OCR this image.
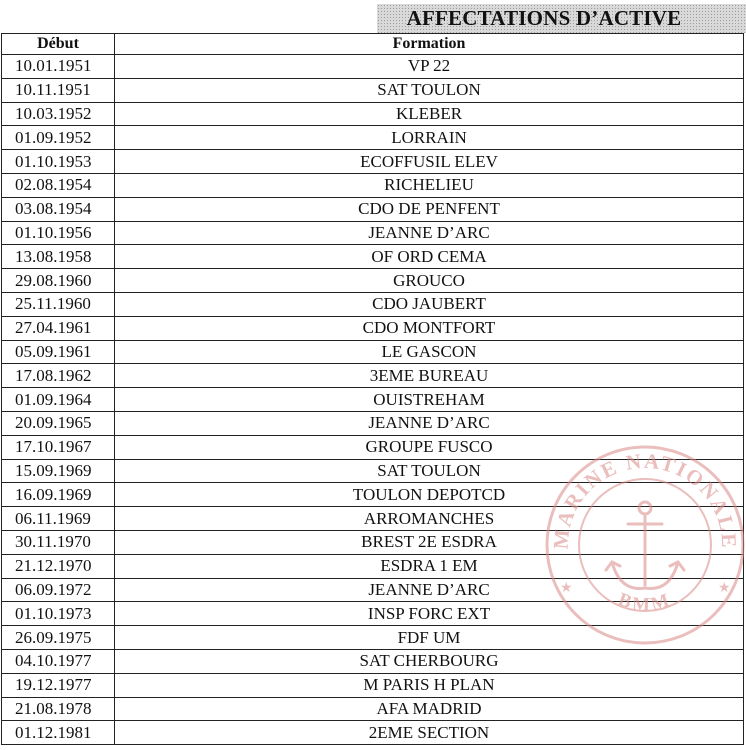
AFFECTATIONS D’ACTIVE
Début	Formation
10.01.1951	VP 22
10.11.1951	SAT TOULON
10.03.1952	KLEBER
01.09.1952	LORRAIN
01.10.1953	ECOFFUSIL ELEV
02.08.1954	RICHELIEU
03.08.1954	CDO DE PENFENT
01.10.1956	JEANNE D’ARC
13.08.1958	OF ORD CEMA
29.08.1960	GROUCO
25.11.1960	CDO JAUBERT
27.04.1961	CDO MONTFORT
05.09.1961	LE GASCON
17.08.1962	3EME BUREAU
01.09.1964	OUISTREHAM
20.09.1965	JEANNE D’ARC
17.10.1967	GROUPE FUSCO
15.09.1969	SAT TOULON
16.09.1969	TOULON DEPOTCD
06.11.1969	ARROMANCHES
30.11.1970	BREST 2E ESDRA
21.12.1970	ESDRA 1 EM
06.09.1972	JEANNE D’ARC
01.10.1973	INSP FORC EXT
26.09.1975	FDF UM
04.10.1977	SAT CHERBOURG
19.12.1977	M PARIS H PLAN
21.08.1978	AFA MADRID
01.12.1981	2EME SECTION
MARINE NATIONALE
BMM
★	★
